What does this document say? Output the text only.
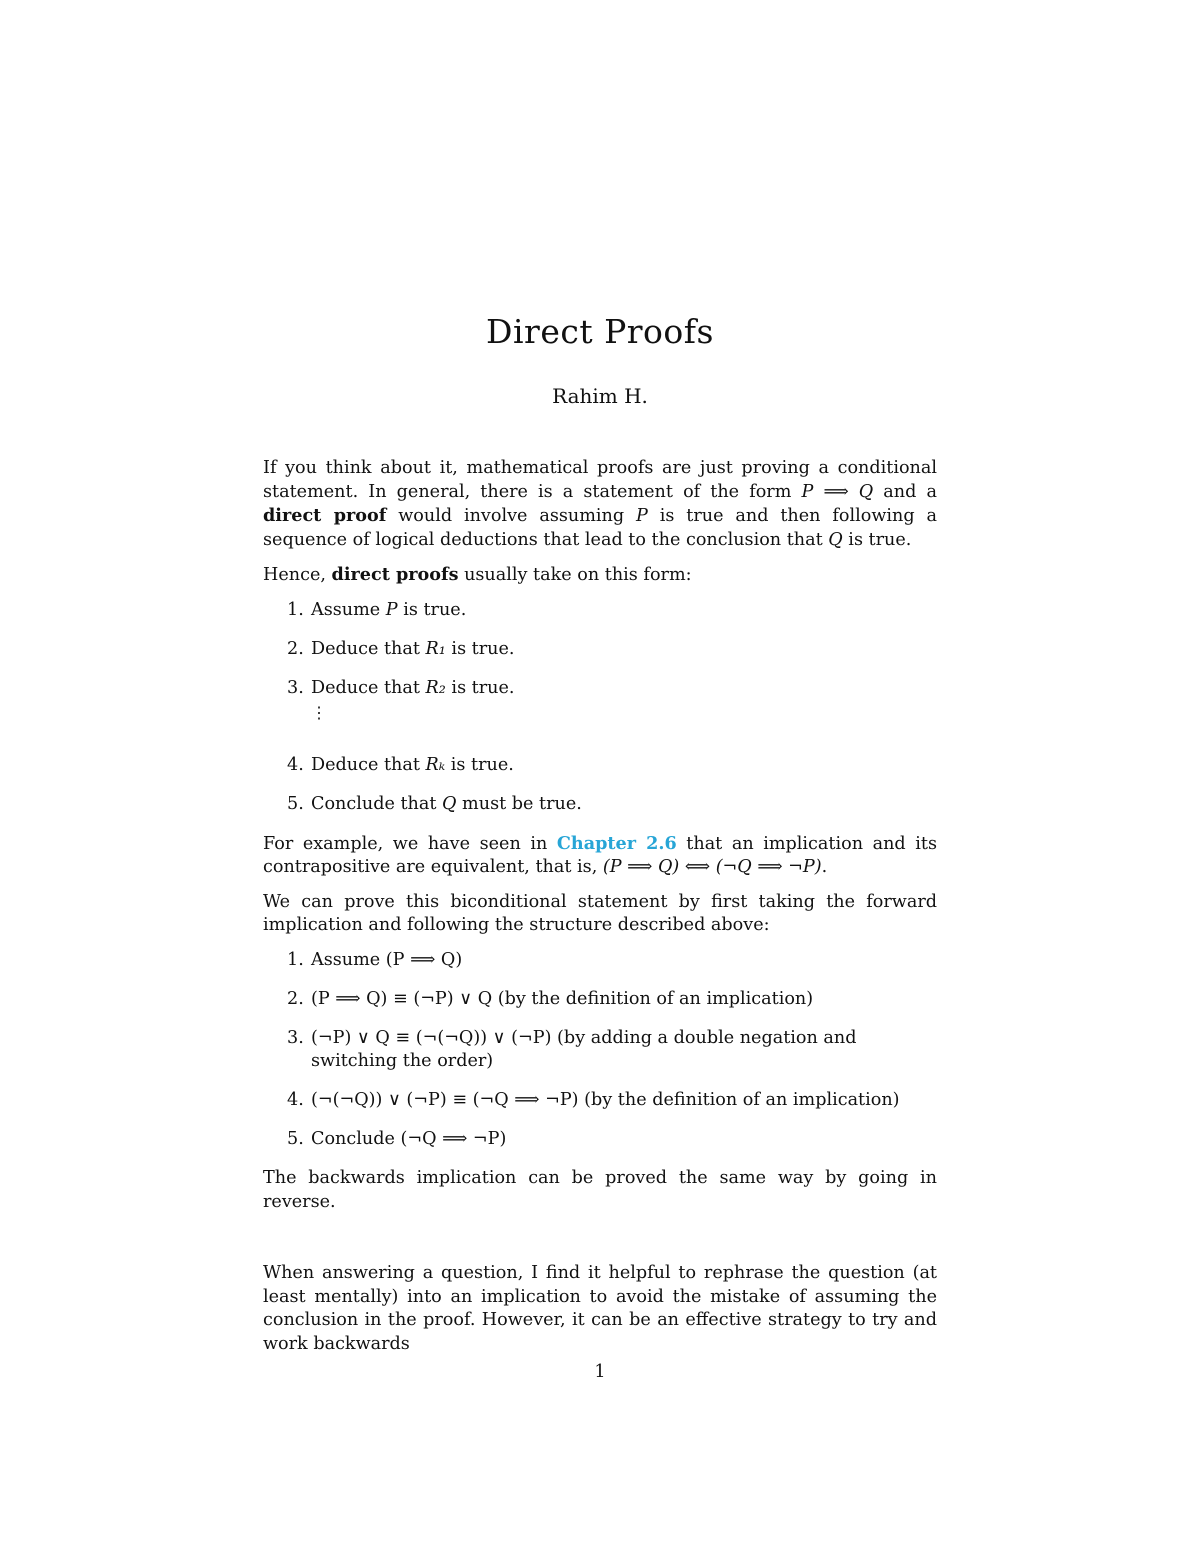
Direct Proofs
Rahim H.

If you think about it, mathematical proofs are just proving a conditional statement. In general, there is a statement of the form P ⟹ Q and a direct proof would involve assuming P is true and then following a sequence of logical deductions that lead to the conclusion that Q is true.

Hence, direct proofs usually take on this form:

1. Assume P is true.
2. Deduce that R₁ is true.
3. Deduce that R₂ is true.
⋮
4. Deduce that Rₖ is true.
5. Conclude that Q must be true.

For example, we have seen in Chapter 2.6 that an implication and its contrapositive are equivalent, that is, (P ⟹ Q) ⟺ (¬Q ⟹ ¬P).

We can prove this biconditional statement by first taking the forward implication and following the structure described above:

1. Assume (P ⟹ Q)
2. (P ⟹ Q) ≡ (¬P) ∨ Q (by the definition of an implication)
3. (¬P) ∨ Q ≡ (¬(¬Q)) ∨ (¬P) (by adding a double negation and switching the order)
4. (¬(¬Q)) ∨ (¬P) ≡ (¬Q ⟹ ¬P) (by the definition of an implication)
5. Conclude (¬Q ⟹ ¬P)

The backwards implication can be proved the same way by going in reverse.

When answering a question, I find it helpful to rephrase the question (at least mentally) into an implication to avoid the mistake of assuming the conclusion in the proof. However, it can be an effective strategy to try and work backwards

1
